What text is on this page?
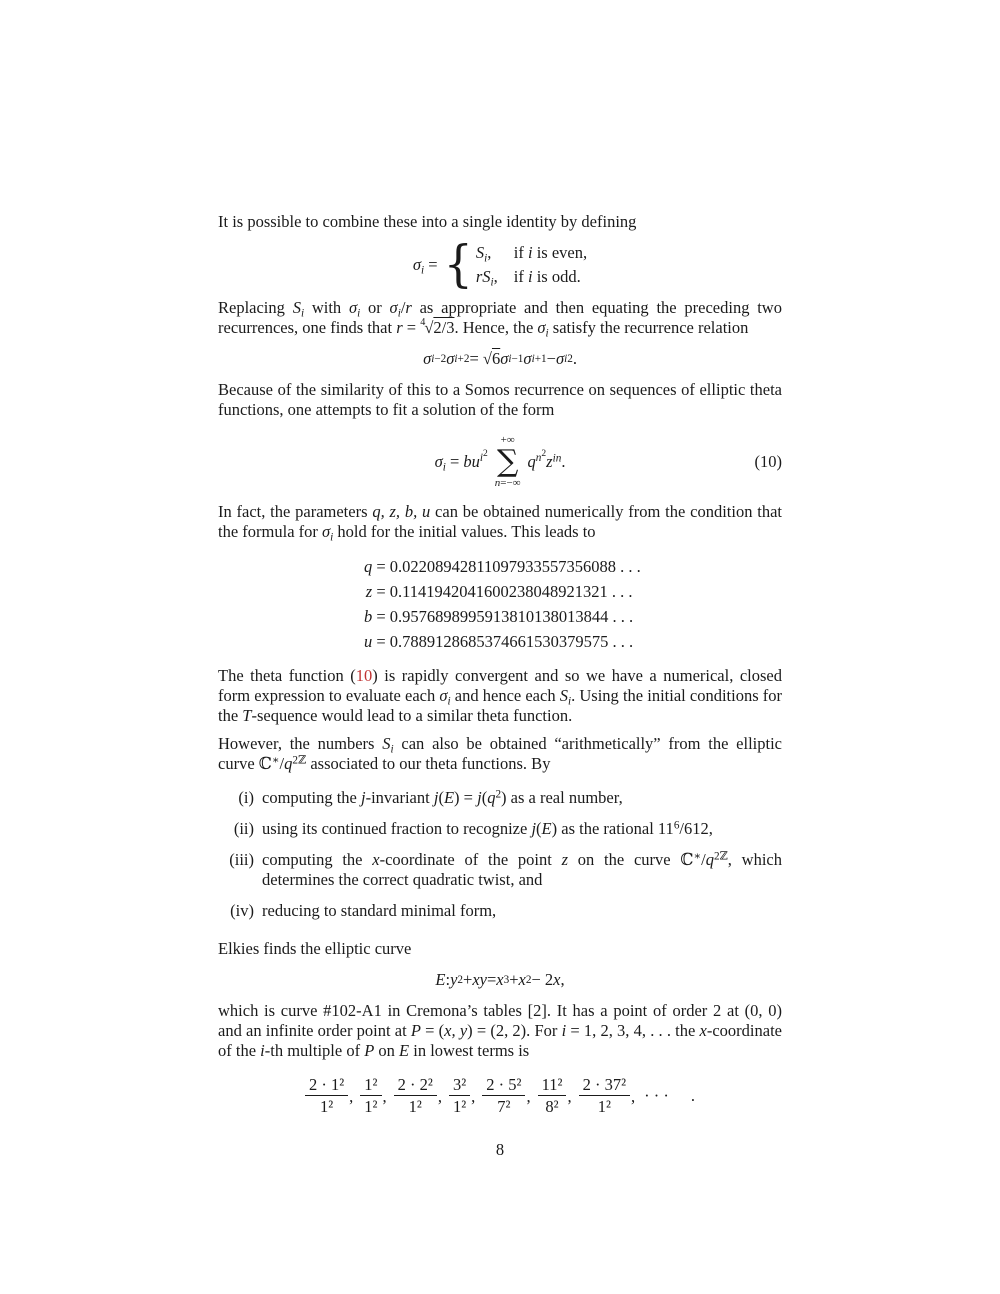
It is possible to combine these into a single identity by defining

$\sigma_i$ = { $S_i$,	if i is even,
$rS_i$, if i is odd.

Replacing $S_i$ with $\sigma_i$ or $\sigma_i/r$ as appropriate and then equating the preceding two recurrences, one finds that r = $^4$√2/3. Hence, the $\sigma_i$ satisfy the recurrence relation

σ i−2 σ i+2 = √ 6 σ i−1 σ i+1 − σ i 2 .

Because of the similarity of this to a Somos recurrence on sequences of elliptic theta functions, one attempts to fit a solution of the form

$\sigma_i = bu^{i^2}$
+∞
∑
n=−∞
$q^{n^2}z^{in}$.	(10)

In fact, the parameters q, z, b, u can be obtained numerically from the condition that the formula for $\sigma_i$ hold for the initial values. This leads to

q = 0.02208942811097933557356088 . . .
z = 0.1141942041600238048921321 . . .
b = 0.9576898995913810138013844 . . .
u = 0.7889128685374661530379575 . . .

The theta function (10) is rapidly convergent and so we have a numerical, closed form expression to evaluate each $\sigma_i$ and hence each $S_i$. Using the initial conditions for the T-sequence would lead to a similar theta function.

However, the numbers $S_i$ can also be obtained “arithmetically” from the elliptic curve $ℂ^∗/q^{2ℤ}$ associated to our theta functions. By

(i) computing the j-invariant $j(E) = j(q^2)$ as a real number,
(ii) using its continued fraction to recognize j(E) as the rational $11^6/612$,
(iii) computing the x-coordinate of the point z on the curve $ℂ^∗/q^{2ℤ}$, which determines the correct quadratic twist, and
(iv) reducing to standard minimal form,

Elkies finds the elliptic curve

E : y 2 + xy = x 3 + x 2 − 2 x ,

which is curve #102-A1 in Cremona’s tables [2]. It has a point of order 2 at (0, 0) and an infinite order point at P = (x, y) = (2, 2). For i = 1, 2, 3, 4, . . . the x-coordinate of the i-th multiple of P on E in lowest terms is

$\frac{\text{2 · 1²}}{\text{1²}}$ , $\frac{\text{1²}}{\text{1²}}$ , $\frac{\text{2 · 2²}}{\text{1²}}$ , $\frac{\text{3²}}{\text{1²}}$ , $\frac{\text{2 · 5²}}{\text{7²}}$ , $\frac{\text{11²}}{\text{8²}}$ , $\frac{\text{2 · 37²}}{\text{1²}}$ , · · · .
8
